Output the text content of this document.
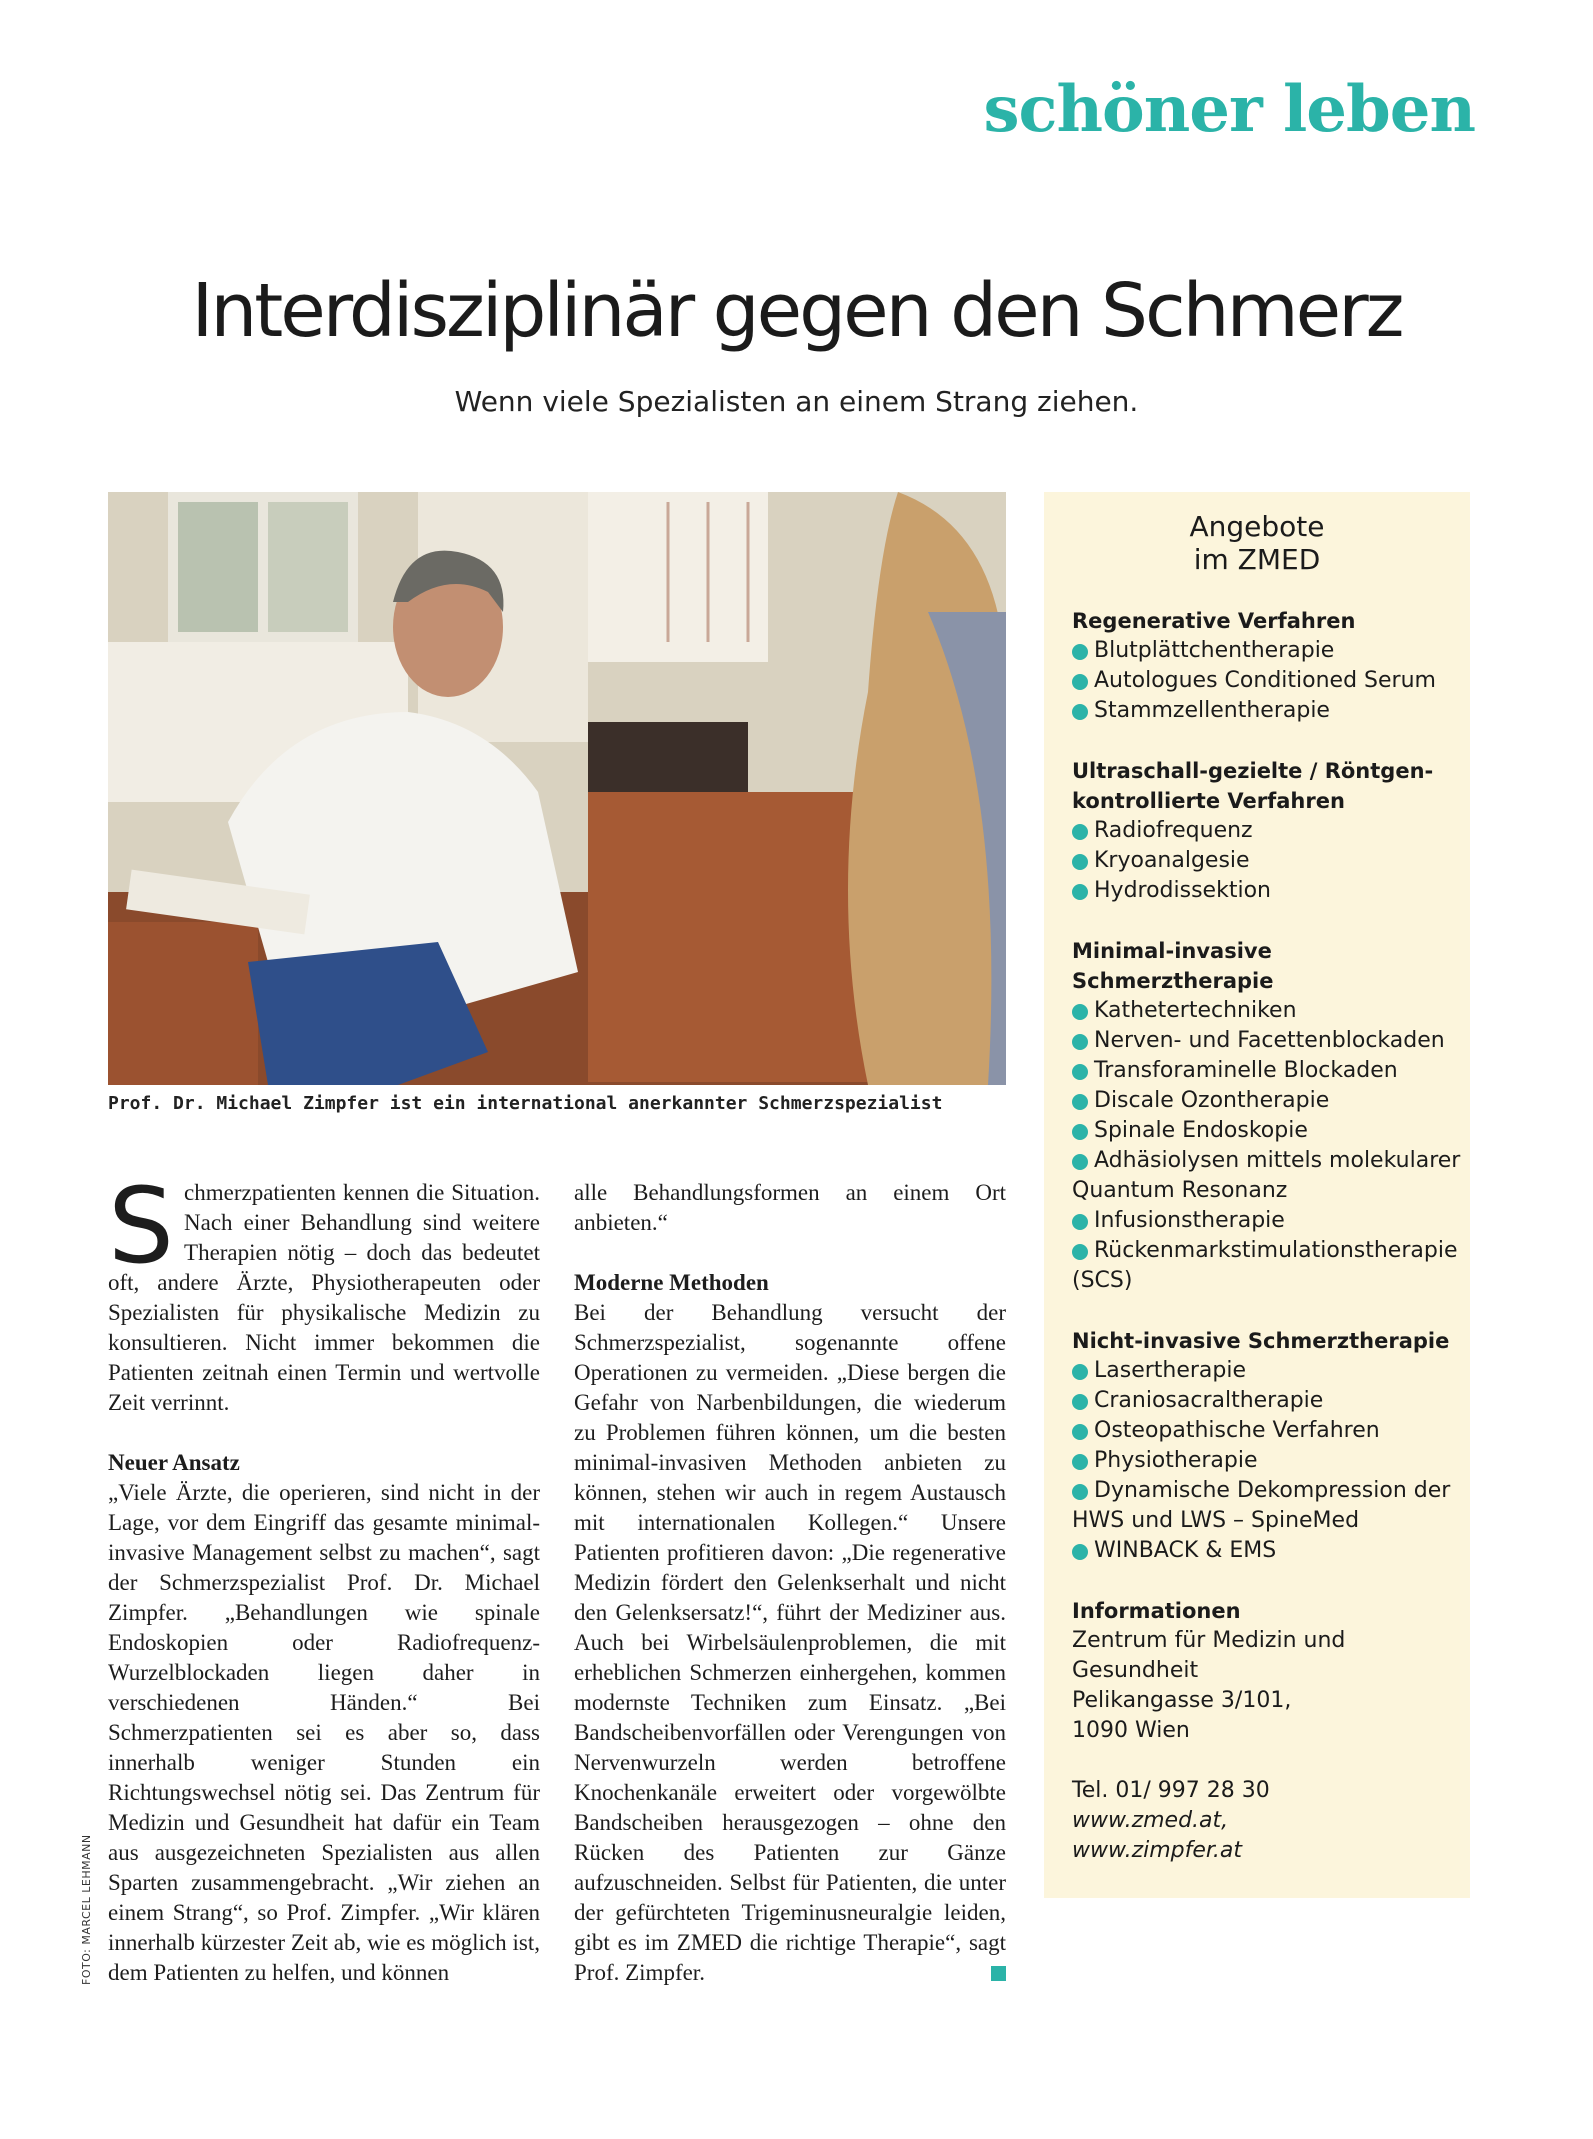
schöner leben
Interdisziplinär gegen den Schmerz

Wenn viele Spezialisten an einem Strang ziehen.

Prof. Dr. Michael Zimpfer ist ein international anerkannter Schmerzspezialist

Schmerzpatienten kennen die Situation. Nach einer Behandlung sind weitere Therapien nötig – doch das bedeutet oft, andere Ärzte, Physiotherapeuten oder Spezialisten für physikalische Medizin zu konsultieren. Nicht immer bekommen die Patienten zeitnah einen Termin und wertvolle Zeit verrinnt.

Neuer Ansatz

„Viele Ärzte, die operieren, sind nicht in der Lage, vor dem Eingriff das gesamte minimal-invasive Management selbst zu machen“, sagt der Schmerzspezialist Prof. Dr. Michael Zimpfer. „Behandlungen wie spinale Endoskopien oder Radiofrequenz-Wurzelblockaden liegen daher in verschiedenen Händen.“ Bei Schmerzpatienten sei es aber so, dass innerhalb weniger Stunden ein Richtungswechsel nötig sei. Das Zentrum für Medizin und Gesundheit hat dafür ein Team aus ausgezeichneten Spezialisten aus allen Sparten zusammengebracht. „Wir ziehen an einem Strang“, so Prof. Zimpfer. „Wir klären innerhalb kürzester Zeit ab, wie es möglich ist, dem Patienten zu helfen, und können

alle Behandlungsformen an einem Ort anbieten.“

Moderne Methoden

Bei der Behandlung versucht der Schmerzspezialist, sogenannte offene Operationen zu vermeiden. „Diese bergen die Gefahr von Narbenbildungen, die wiederum zu Problemen führen können, um die besten minimal-invasiven Methoden anbieten zu können, stehen wir auch in regem Austausch mit internationalen Kollegen.“ Unsere Patienten profitieren davon: „Die regenerative Medizin fördert den Gelenkserhalt und nicht den Gelenksersatz!“, führt der Mediziner aus. Auch bei Wirbelsäulenproblemen, die mit erheblichen Schmerzen einhergehen, kommen modernste Techniken zum Einsatz. „Bei Bandscheibenvorfällen oder Verengungen von Nervenwurzeln werden betroffene Knochenkanäle erweitert oder vorgewölbte Bandscheiben herausgezogen – ohne den Rücken des Patienten zur Gänze aufzuschneiden. Selbst für Patienten, die unter der gefürchteten Trigeminusneuralgie leiden, gibt es im ZMED die richtige Therapie“, sagt Prof. Zimpfer.

FOTO: MARCEL LEHMANN
Angebote
im ZMED
Regenerative Verfahren
Blutplättchentherapie
Autologues Conditioned Serum
Stammzellentherapie
Ultraschall-gezielte / Röntgen-kontrollierte Verfahren
Radiofrequenz
Kryoanalgesie
Hydrodissektion
Minimal-invasive Schmerztherapie
Kathetertechniken
Nerven- und Facettenblockaden
Transforaminelle Blockaden
Discale Ozontherapie
Spinale Endoskopie
Adhäsiolysen mittels molekularer Quantum Resonanz
Infusionstherapie
Rückenmarkstimulationstherapie (SCS)
Nicht-invasive Schmerztherapie
Lasertherapie
Craniosacraltherapie
Osteopathische Verfahren
Physiotherapie
Dynamische Dekompression der HWS und LWS – SpineMed
WINBACK & EMS
Informationen
Zentrum für Medizin und
Gesundheit
Pelikangasse 3/101,
1090 Wien
Tel. 01/ 997 28 30
www.zmed.at,
www.zimpfer.at
